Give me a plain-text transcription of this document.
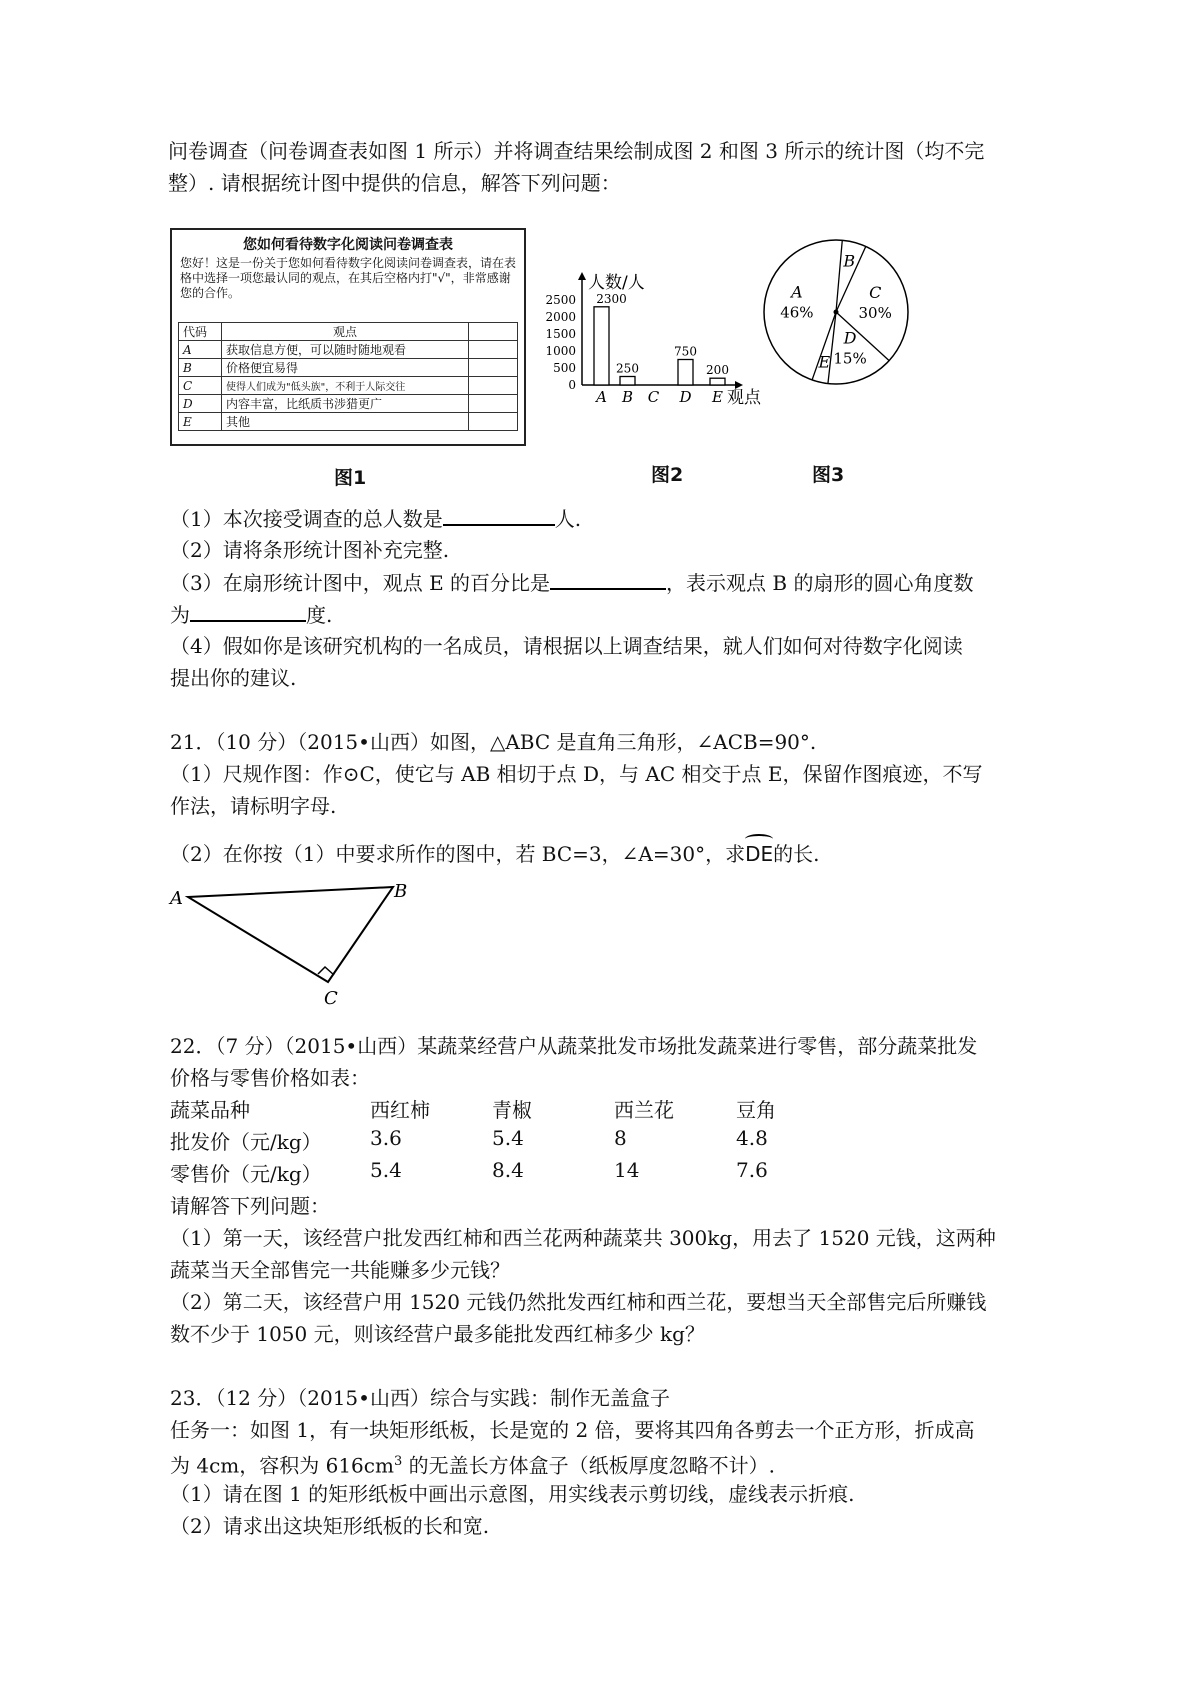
问卷调查（问卷调查表如图 1 所示）并将调查结果绘制成图 2 和图 3 所示的统计图（均不完

整）. 请根据统计图中提供的信息，解答下列问题：

您如何看待数字化阅读问卷调查表
您好！这是一份关于您如何看待数字化阅读问卷调查表，请在表格中选择一项您最认同的观点，在其后空格内打"√"，非常感谢您的合作。
代码	观点	
A	获取信息方便，可以随时随地观看	
B	价格便宜易得	
C	使得人们成为"低头族"，不利于人际交往	
D	内容丰富，比纸质书涉猎更广	
E	其他	
图1
人数/人
观点
2500
2000
1500
1000
500
0
A
2300
B
250
C D
750
E
200
图2
B
C
30%
D
15%
E
A
46%
图3

（1）本次接受调查的总人数是	人.

（2）请将条形统计图补充完整.

（3）在扇形统计图中，观点 E 的百分比是	，表示观点 B 的扇形的圆心角度数

为	度.

（4）假如你是该研究机构的一名成员，请根据以上调查结果，就人们如何对待数字化阅读

提出你的建议.

21．（10 分）（2015•山西）如图，△ABC 是直角三角形，∠ACB=90°.

（1）尺规作图：作⊙C，使它与 AB 相切于点 D，与 AC 相交于点 E，保留作图痕迹，不写

作法，请标明字母.

（2）在你按（1）中要求所作的图中，若 BC=3，∠A=30°，求
DE的长.

A	B
C

22．（7 分）（2015•山西）某蔬菜经营户从蔬菜批发市场批发蔬菜进行零售，部分蔬菜批发

价格与零售价格如表：

蔬菜品种	西红柿	青椒	西兰花	豆角
批发价（元/kg） 3.6	5.4	8	4.8
零售价（元/kg） 5.4	8.4	14	7.6

请解答下列问题：

（1）第一天，该经营户批发西红柿和西兰花两种蔬菜共 300kg，用去了 1520 元钱，这两种

蔬菜当天全部售完一共能赚多少元钱？

（2）第二天，该经营户用 1520 元钱仍然批发西红柿和西兰花，要想当天全部售完后所赚钱

数不少于 1050 元，则该经营户最多能批发西红柿多少 kg？

23．（12 分）（2015•山西）综合与实践：制作无盖盒子

任务一：如图 1，有一块矩形纸板，长是宽的 2 倍，要将其四角各剪去一个正方形，折成高

为 4cm，容积为 $616cm^3$ 的无盖长方体盒子（纸板厚度忽略不计）.

（1）请在图 1 的矩形纸板中画出示意图，用实线表示剪切线，虚线表示折痕.

（2）请求出这块矩形纸板的长和宽.
